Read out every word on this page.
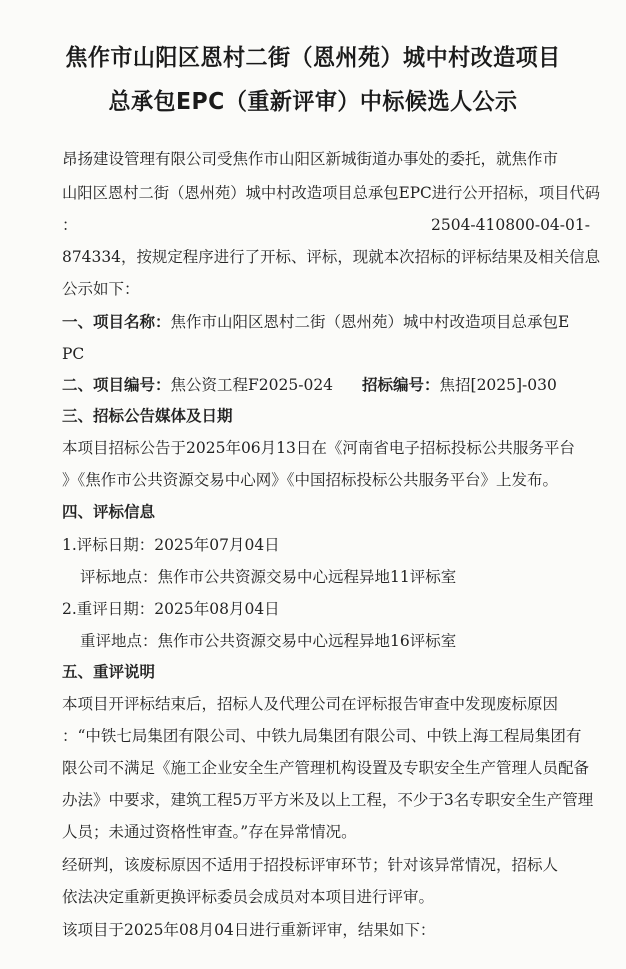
焦作市山阳区恩村二街（恩州苑）城中村改造项目
总承包EPC（重新评审）中标候选人公示
昂扬建设管理有限公司受焦作市山阳区新城街道办事处的委托，就焦作市
山阳区恩村二街（恩州苑）城中村改造项目总承包EPC进行公开招标，项目代码
：	2504-410800-04-01-
874334，按规定程序进行了开标、评标，现就本次招标的评标结果及相关信息
公示如下：
一、项目名称：焦作市山阳区恩村二街（恩州苑）城中村改造项目总承包E
PC
二、项目编号：焦公资工程F2025-024 招标编号：焦招[2025]-030
三、招标公告媒体及日期
本项目招标公告于2025年06月13日在《河南省电子招标投标公共服务平台
》《焦作市公共资源交易中心网》《中国招标投标公共服务平台》上发布。
四、评标信息
1.评标日期：2025年07月04日
评标地点：焦作市公共资源交易中心远程异地11评标室
2.重评日期：2025年08月04日
重评地点：焦作市公共资源交易中心远程异地16评标室
五、重评说明
本项目开评标结束后，招标人及代理公司在评标报告审查中发现废标原因
：“中铁七局集团有限公司、中铁九局集团有限公司、中铁上海工程局集团有
限公司不满足《施工企业安全生产管理机构设置及专职安全生产管理人员配备
办法》中要求，建筑工程5万平方米及以上工程，不少于3名专职安全生产管理
人员；未通过资格性审查。”存在异常情况。
经研判，该废标原因不适用于招投标评审环节；针对该异常情况，招标人
依法决定重新更换评标委员会成员对本项目进行评审。
该项目于2025年08月04日进行重新评审，结果如下：
